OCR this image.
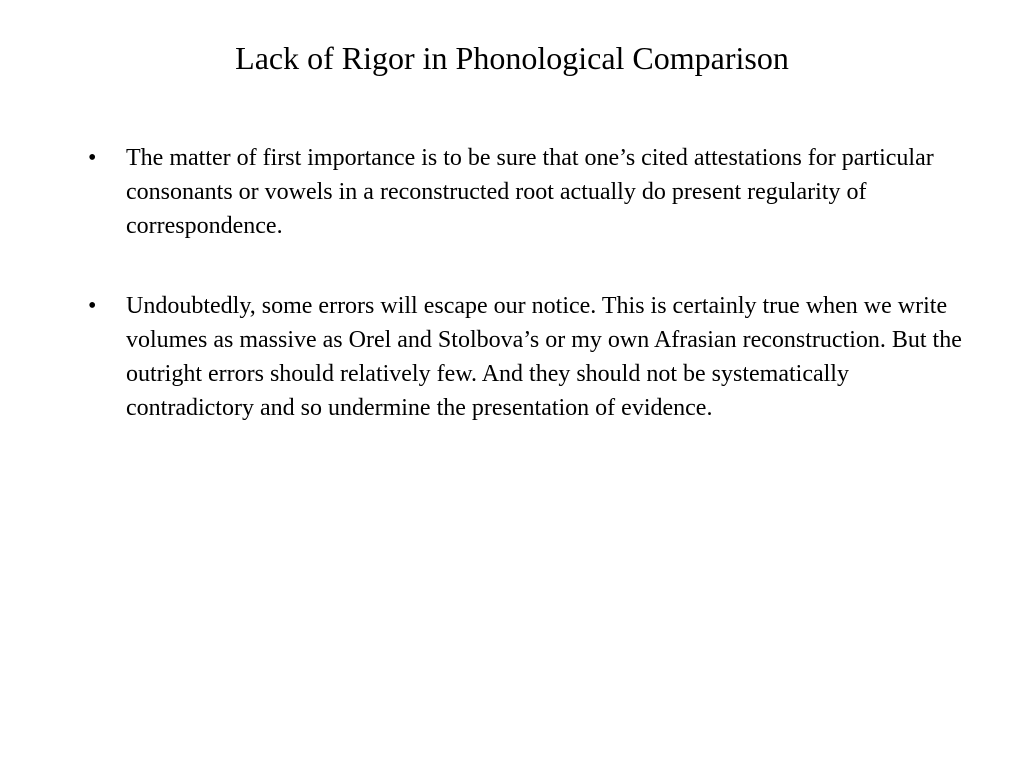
Lack of Rigor in Phonological Comparison
•	The matter of first importance is to be sure that one’s cited attestations for particular consonants or vowels in a reconstructed root actually do present regularity of correspondence.
•	Undoubtedly, some errors will escape our notice. This is certainly true when we write volumes as massive as Orel and Stolbova’s or my own Afrasian reconstruction. But the outright errors should relatively few. And they should not be systematically contradictory and so undermine the presentation of evidence.
